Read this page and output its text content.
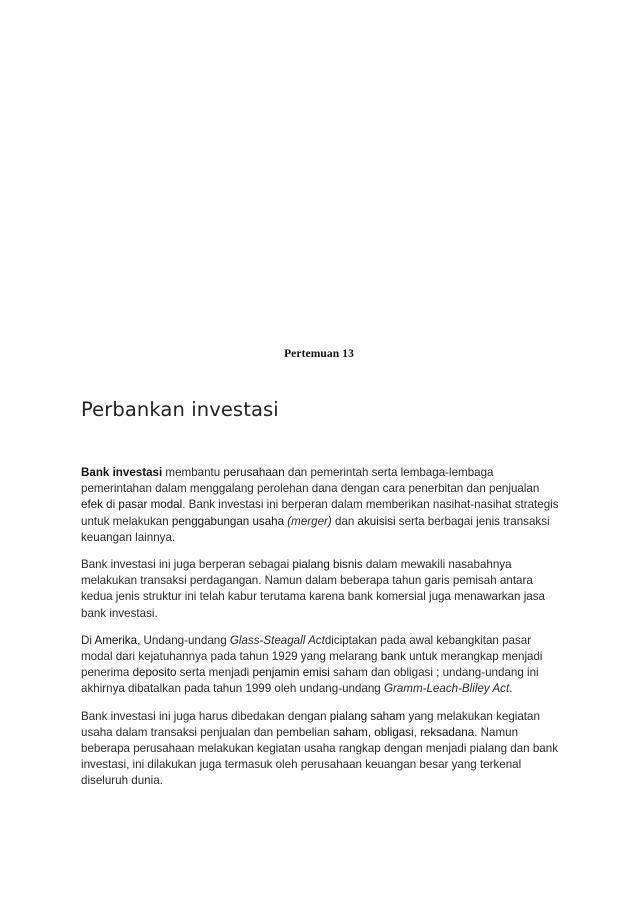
Pertemuan 13
Perbankan investasi

Bank investasi membantu perusahaan dan pemerintah serta lembaga-lembaga pemerintahan dalam menggalang perolehan dana dengan cara penerbitan dan penjualan efek di pasar modal. Bank investasi ini berperan dalam memberikan nasihat-nasihat strategis untuk melakukan penggabungan usaha (merger) dan akuisisi serta berbagai jenis transaksi keuangan lainnya.

Bank investasi ini juga berperan sebagai pialang bisnis dalam mewakili nasabahnya melakukan transaksi perdagangan. Namun dalam beberapa tahun garis pemisah antara kedua jenis struktur ini telah kabur terutama karena bank komersial juga menawarkan jasa bank investasi.

Di Amerika, Undang-undang Glass-Steagall Actdiciptakan pada awal kebangkitan pasar modal dari kejatuhannya pada tahun 1929 yang melarang bank untuk merangkap menjadi penerima deposito serta menjadi penjamin emisi saham dan obligasi ; undang-undang ini akhirnya dibatalkan pada tahun 1999 oleh undang-undang Gramm-Leach-Bliley Act.

Bank investasi ini juga harus dibedakan dengan pialang saham yang melakukan kegiatan usaha dalam transaksi penjualan dan pembelian saham, obligasi, reksadana. Namun beberapa perusahaan melakukan kegiatan usaha rangkap dengan menjadi pialang dan bank investasi, ini dilakukan juga termasuk oleh perusahaan keuangan besar yang terkenal diseluruh dunia.
